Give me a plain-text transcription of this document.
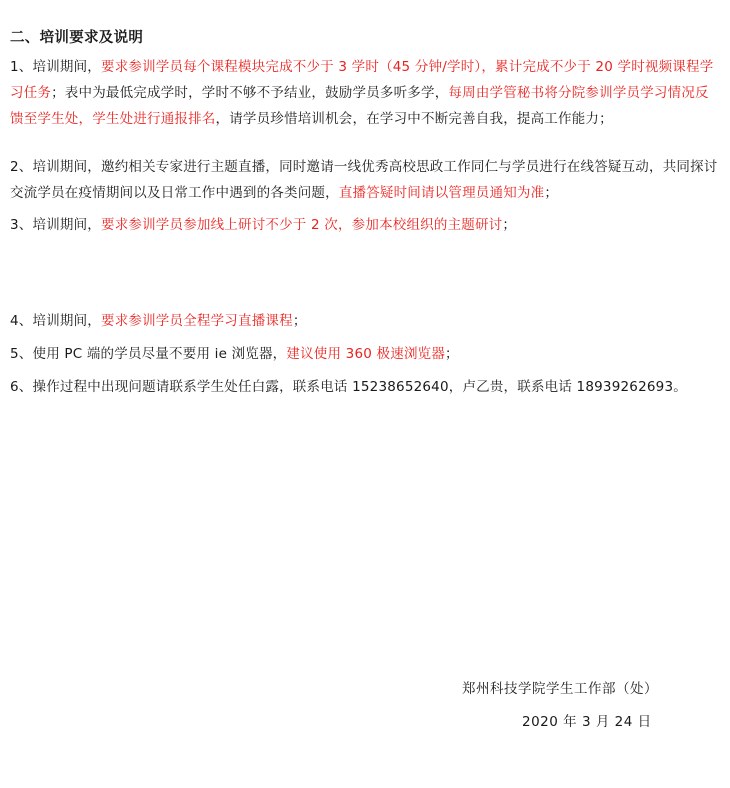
二、培训要求及说明
1、培训期间，要求参训学员每个课程模块完成不少于 3 学时（45 分钟/学时），累计完成不少于 20 学时视频课程学习任务；表中为最低完成学时，学时不够不予结业，鼓励学员多听多学，每周由学管秘书将分院参训学员学习情况反馈至学生处，学生处进行通报排名，请学员珍惜培训机会，在学习中不断完善自我，提高工作能力；
2、培训期间，邀约相关专家进行主题直播，同时邀请一线优秀高校思政工作同仁与学员进行在线答疑互动，共同探讨交流学员在疫情期间以及日常工作中遇到的各类问题，直播答疑时间请以管理员通知为准；
3、培训期间，要求参训学员参加线上研讨不少于 2 次，参加本校组织的主题研讨；
4、培训期间，要求参训学员全程学习直播课程；
5、使用 PC 端的学员尽量不要用 ie 浏览器，建议使用 360 极速浏览器；
6、操作过程中出现问题请联系学生处任白露，联系电话 15238652640，卢乙贵，联系电话 18939262693。
郑州科技学院学生工作部（处）
2020 年 3 月 24 日
